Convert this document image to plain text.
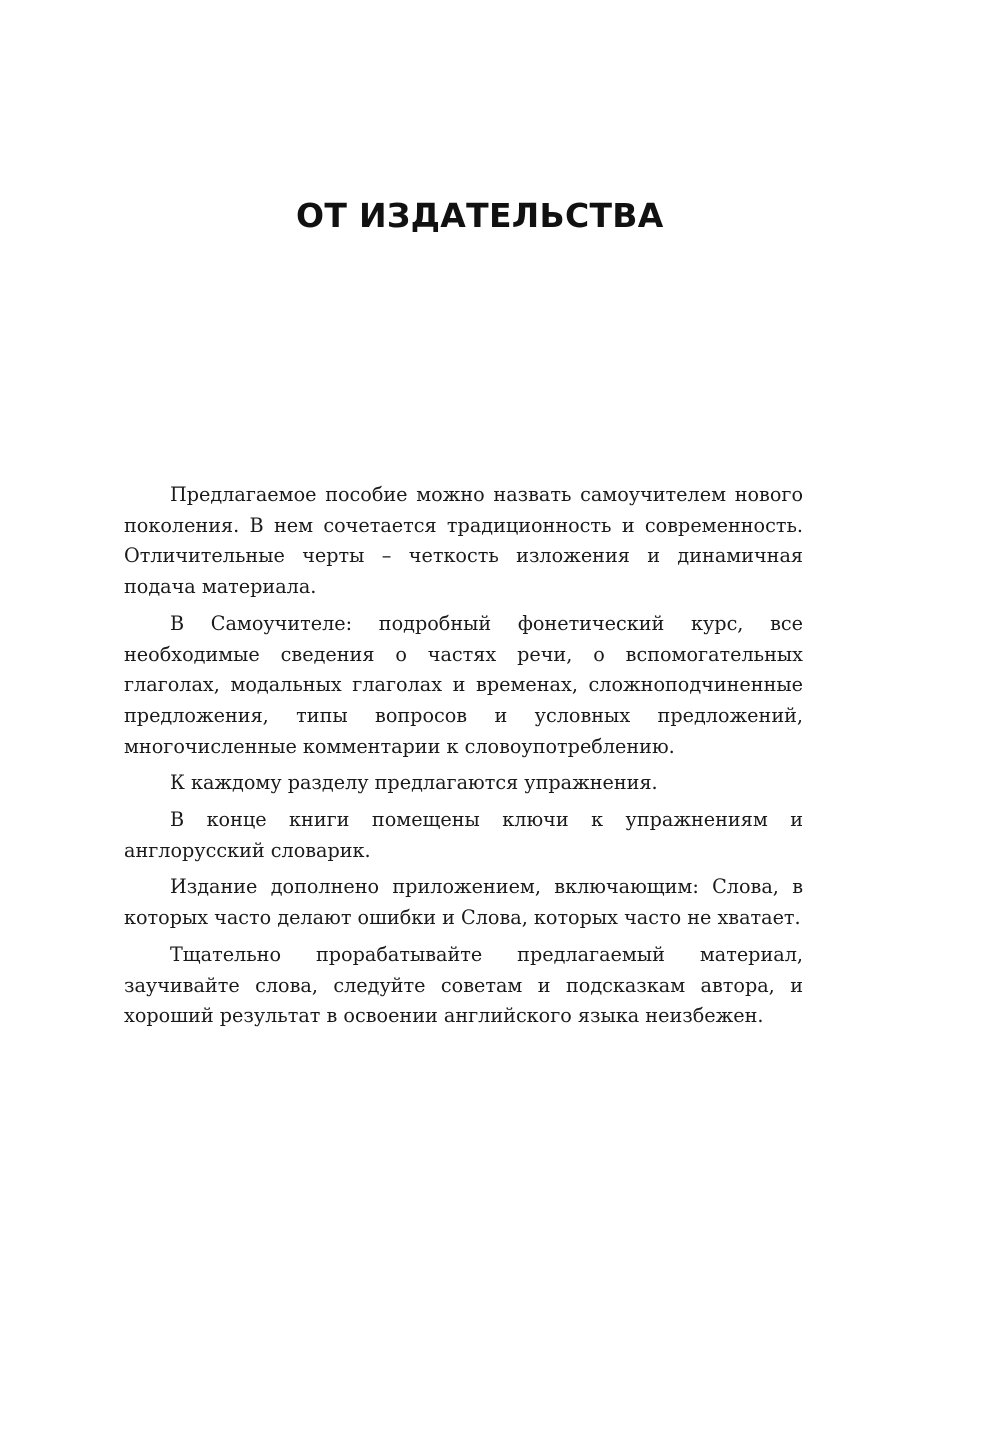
ОТ ИЗДАТЕЛЬСТВА

Предлагаемое пособие можно назвать самоучителем нового поколения. В нем сочетается традиционность и современность. Отличительные черты – четкость изложения и динамичная подача материала.

В Самоучителе: подробный фонетический курс, все необходимые сведения о частях речи, о вспомогательных глаголах, модальных глаголах и временах, сложноподчиненные предложения, типы вопросов и условных предложений, многочисленные комментарии к словоупотреблению.

К каждому разделу предлагаются упражнения.

В конце книги помещены ключи к упражнениям и англорусский словарик.

Издание дополнено приложением, включающим: Слова, в которых часто делают ошибки и Слова, которых часто не хватает.

Тщательно прорабатывайте предлагаемый материал, заучивайте слова, следуйте советам и подсказкам автора, и хороший результат в освоении английского языка неизбежен.
